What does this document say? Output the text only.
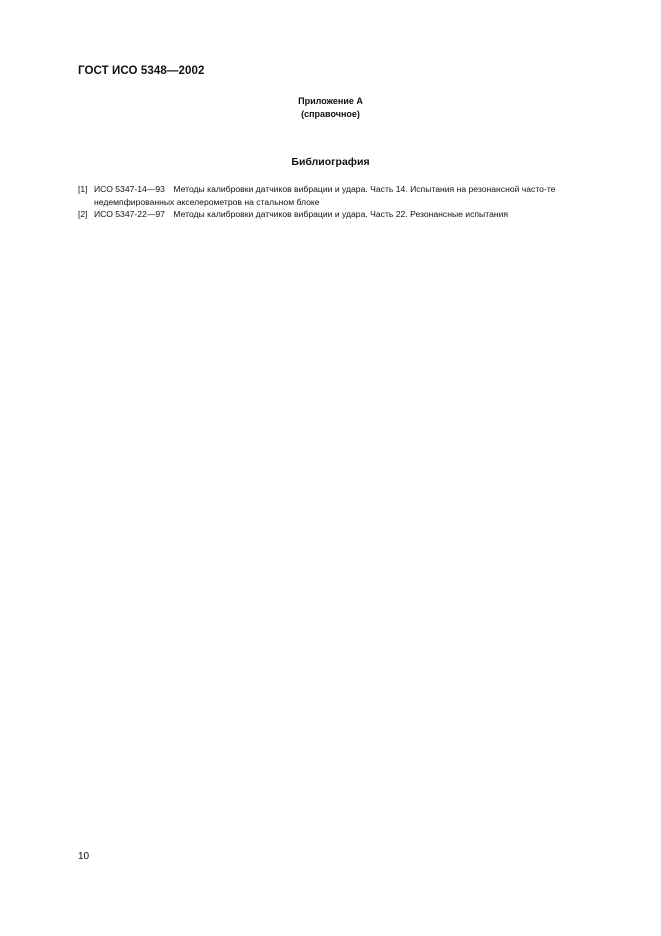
ГОСТ ИСО 5348—2002
Приложение А
(справочное)
Библиография
[1] ИСО 5347-14—93 Методы калибровки датчиков вибрации и удара. Часть 14. Испытания на резонансной часто-те недемпфированных акселерометров на стальном блоке
[2] ИСО 5347-22—97 Методы калибровки датчиков вибрации и удара. Часть 22. Резонансные испытания
10
